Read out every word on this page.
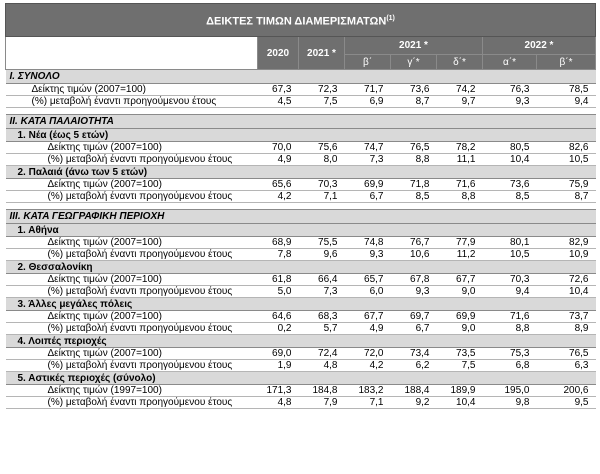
ΔΕΙΚΤΕΣ ΤΙΜΩΝ ΔΙΑΜΕΡΙΣΜΑΤΩΝ$^{(1)}$
	2020	2021 *	2021 *			2022 *	
			β΄	γ΄*	δ΄*	α΄*	β΄*
I. ΣΥΝΟΛΟ							
Δείκτης τιμών (2007=100)	67,3	72,3	71,7	73,6	74,2	76,3	78,5
(%) μεταβολή έναντι προηγούμενου έτους	4,5	7,5	6,9	8,7	9,7	9,3	9,4

II. ΚΑΤΑ ΠΑΛΑΙΟΤΗΤΑ							
1. Νέα (έως 5 ετών)							
Δείκτης τιμών (2007=100)	70,0	75,6	74,7	76,5	78,2	80,5	82,6
(%) μεταβολή έναντι προηγούμενου έτους	4,9	8,0	7,3	8,8	11,1	10,4	10,5
2. Παλαιά (άνω των 5 ετών)							
Δείκτης τιμών (2007=100)	65,6	70,3	69,9	71,8	71,6	73,6	75,9
(%) μεταβολή έναντι προηγούμενου έτους	4,2	7,1	6,7	8,5	8,8	8,5	8,7

III. ΚΑΤΑ ΓΕΩΓΡΑΦΙΚΗ ΠΕΡΙΟΧΗ							
1. Αθήνα							
Δείκτης τιμών (2007=100)	68,9	75,5	74,8	76,7	77,9	80,1	82,9
(%) μεταβολή έναντι προηγούμενου έτους	7,8	9,6	9,3	10,6	11,2	10,5	10,9
2. Θεσσαλονίκη							
Δείκτης τιμών (2007=100)	61,8	66,4	65,7	67,8	67,7	70,3	72,6
(%) μεταβολή έναντι προηγούμενου έτους	5,0	7,3	6,0	9,3	9,0	9,4	10,4
3. Άλλες μεγάλες πόλεις							
Δείκτης τιμών (2007=100)	64,6	68,3	67,7	69,7	69,9	71,6	73,7
(%) μεταβολή έναντι προηγούμενου έτους	0,2	5,7	4,9	6,7	9,0	8,8	8,9
4. Λοιπές περιοχές							
Δείκτης τιμών (2007=100)	69,0	72,4	72,0	73,4	73,5	75,3	76,5
(%) μεταβολή έναντι προηγούμενου έτους	1,9	4,8	4,2	6,2	7,5	6,8	6,3
5. Αστικές περιοχές (σύνολο)							
Δείκτης τιμών (1997=100)	171,3	184,8	183,2	188,4	189,9	195,0	200,6
(%) μεταβολή έναντι προηγούμενου έτους	4,8	7,9	7,1	9,2	10,4	9,8	9,5
